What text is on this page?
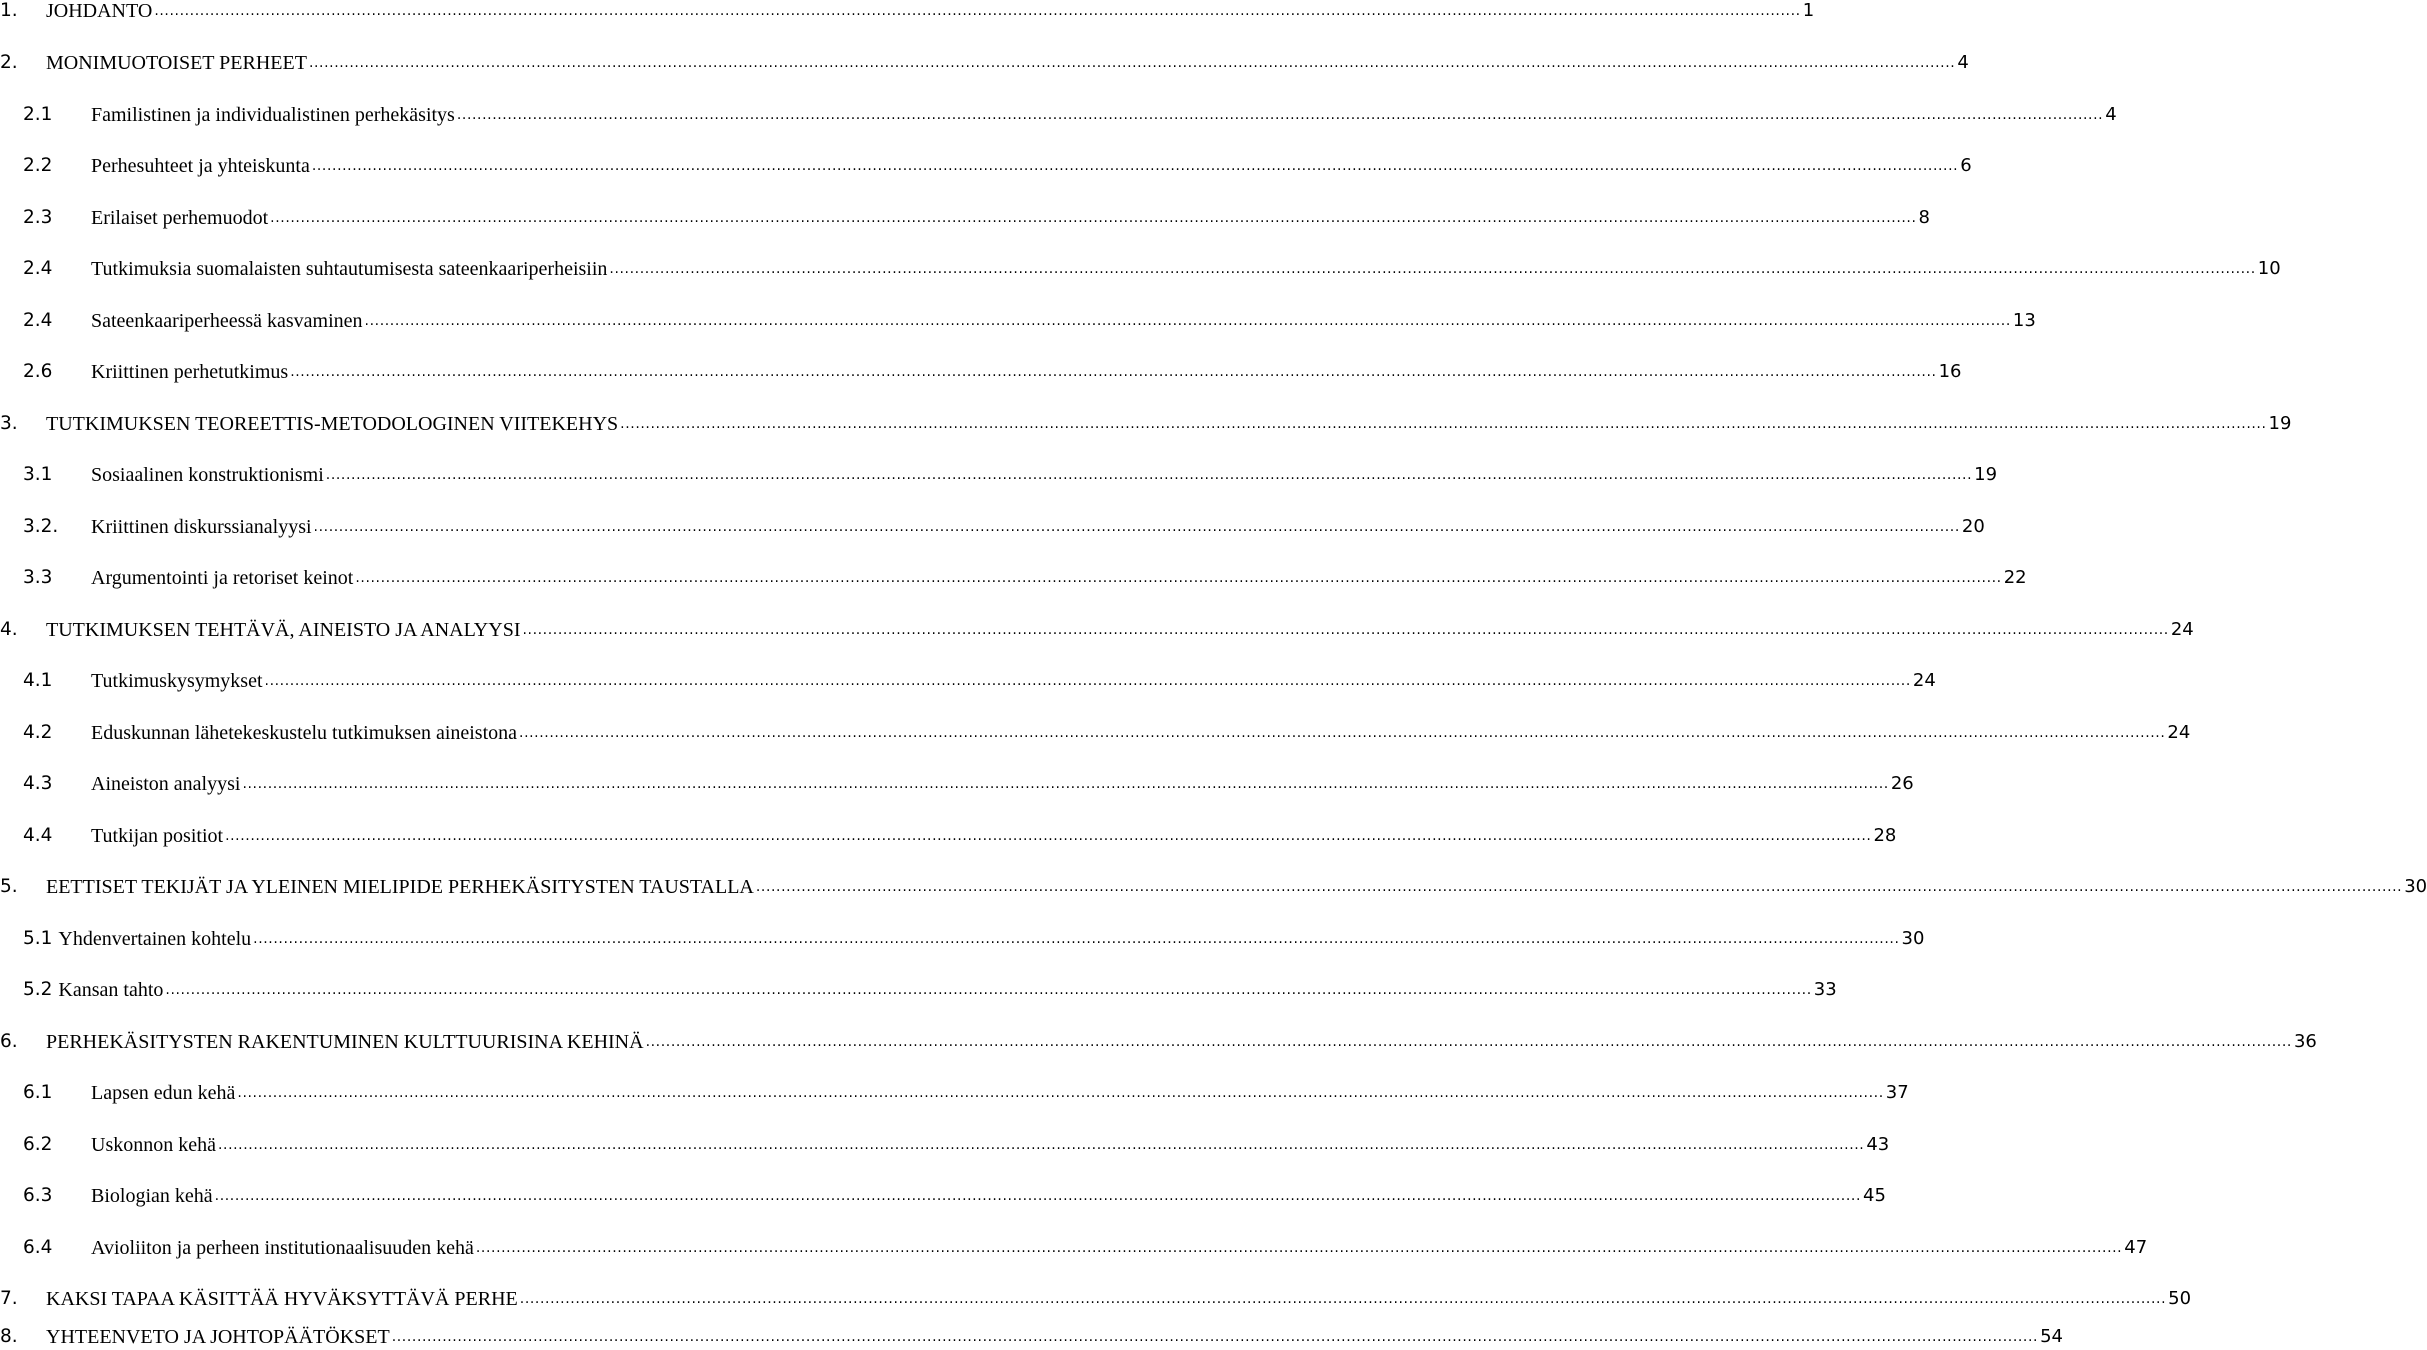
1.	JOHDANTO .....	1
2.	MONIMUOTOISET PERHEET .....	4
2.1	Familistinen ja individualistinen perhekäsitys .....	4
2.2	Perhesuhteet ja yhteiskunta .....	6
2.3	Erilaiset perhemuodot .....	8
2.4	Tutkimuksia suomalaisten suhtautumisesta sateenkaariperheisiin .....	10
2.4	Sateenkaariperheessä kasvaminen .....	13
2.6	Kriittinen perhetutkimus .....	16
3.	TUTKIMUKSEN TEOREETTIS-METODOLOGINEN VIITEKEHYS .....	19
3.1	Sosiaalinen konstruktionismi .....	19
3.2.	Kriittinen diskurssianalyysi .....	20
3.3	Argumentointi ja retoriset keinot .....	22
4.	TUTKIMUKSEN TEHTÄVÄ, AINEISTO JA ANALYYSI .....	24
4.1	Tutkimuskysymykset .....	24
4.2	Eduskunnan lähetekeskustelu tutkimuksen aineistona .....	24
4.3	Aineiston analyysi .....	26
4.4	Tutkijan positiot .....	28
5.	EETTISET TEKIJÄT JA YLEINEN MIELIPIDE PERHEKÄSITYSTEN TAUSTALLA .....	30
5.1 Yhdenvertainen kohtelu .....	30
5.2 Kansan tahto .....	33
6.	PERHEKÄSITYSTEN RAKENTUMINEN KULTTUURISINA KEHINÄ .....	36
6.1	Lapsen edun kehä .....	37
6.2	Uskonnon kehä .....	43
6.3	Biologian kehä .....	45
6.4	Avioliiton ja perheen institutionaalisuuden kehä .....	47
7.	KAKSI TAPAA KÄSITTÄÄ HYVÄKSYTTÄVÄ PERHE .....	50
8.	YHTEENVETO JA JOHTOPÄÄTÖKSET .....	54
